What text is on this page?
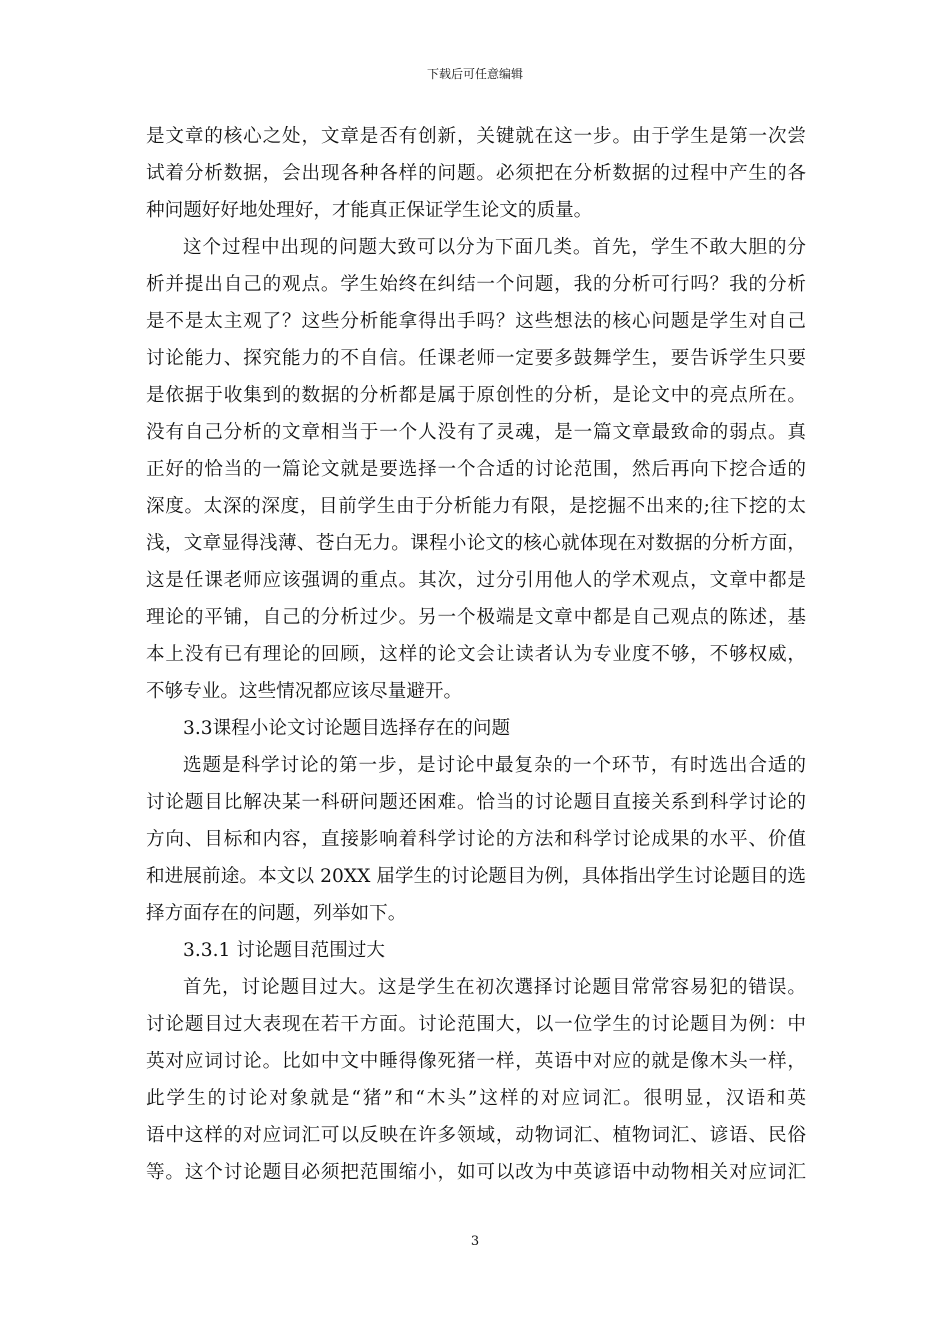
下载后可任意编辑
是文章的核心之处，文章是否有创新，关键就在这一步。由于学生是第一次尝
试着分析数据，会出现各种各样的问题。必须把在分析数据的过程中产生的各
种问题好好地处理好，才能真正保证学生论文的质量。
这个过程中出现的问题大致可以分为下面几类。首先，学生不敢大胆的分
析并提出自己的观点。学生始终在纠结一个问题，我的分析可行吗？我的分析
是不是太主观了？这些分析能拿得出手吗？这些想法的核心问题是学生对自己
讨论能力、探究能力的不自信。任课老师一定要多鼓舞学生，要告诉学生只要
是依据于收集到的数据的分析都是属于原创性的分析，是论文中的亮点所在。
没有自己分析的文章相当于一个人没有了灵魂，是一篇文章最致命的弱点。真
正好的恰当的一篇论文就是要选择一个合适的讨论范围，然后再向下挖合适的
深度。太深的深度，目前学生由于分析能力有限，是挖掘不出来的;往下挖的太
浅，文章显得浅薄、苍白无力。课程小论文的核心就体现在对数据的分析方面，
这是任课老师应该强调的重点。其次，过分引用他人的学术观点，文章中都是
理论的平铺，自己的分析过少。另一个极端是文章中都是自己观点的陈述，基
本上没有已有理论的回顾，这样的论文会让读者认为专业度不够，不够权威，
不够专业。这些情况都应该尽量避开。
3.3课程小论文讨论题目选择存在的问题
选题是科学讨论的第一步，是讨论中最复杂的一个环节，有时选出合适的
讨论题目比解决某一科研问题还困难。恰当的讨论题目直接关系到科学讨论的
方向、目标和内容，直接影响着科学讨论的方法和科学讨论成果的水平、价值
和进展前途。本文以 20XX 届学生的讨论题目为例，具体指出学生讨论题目的选
择方面存在的问题，列举如下。
3.3.1 讨论题目范围过大
首先，讨论题目过大。这是学生在初次選择讨论题目常常容易犯的错误。
讨论题目过大表现在若干方面。讨论范围大，以一位学生的讨论题目为例：中
英对应词讨论。比如中文中睡得像死猪一样，英语中对应的就是像木头一样，
此学生的讨论对象就是“猪”和“木头”这样的对应词汇。很明显，汉语和英
语中这样的对应词汇可以反映在许多领域，动物词汇、植物词汇、谚语、民俗
等。这个讨论题目必须把范围缩小，如可以改为中英谚语中动物相关对应词汇
3
